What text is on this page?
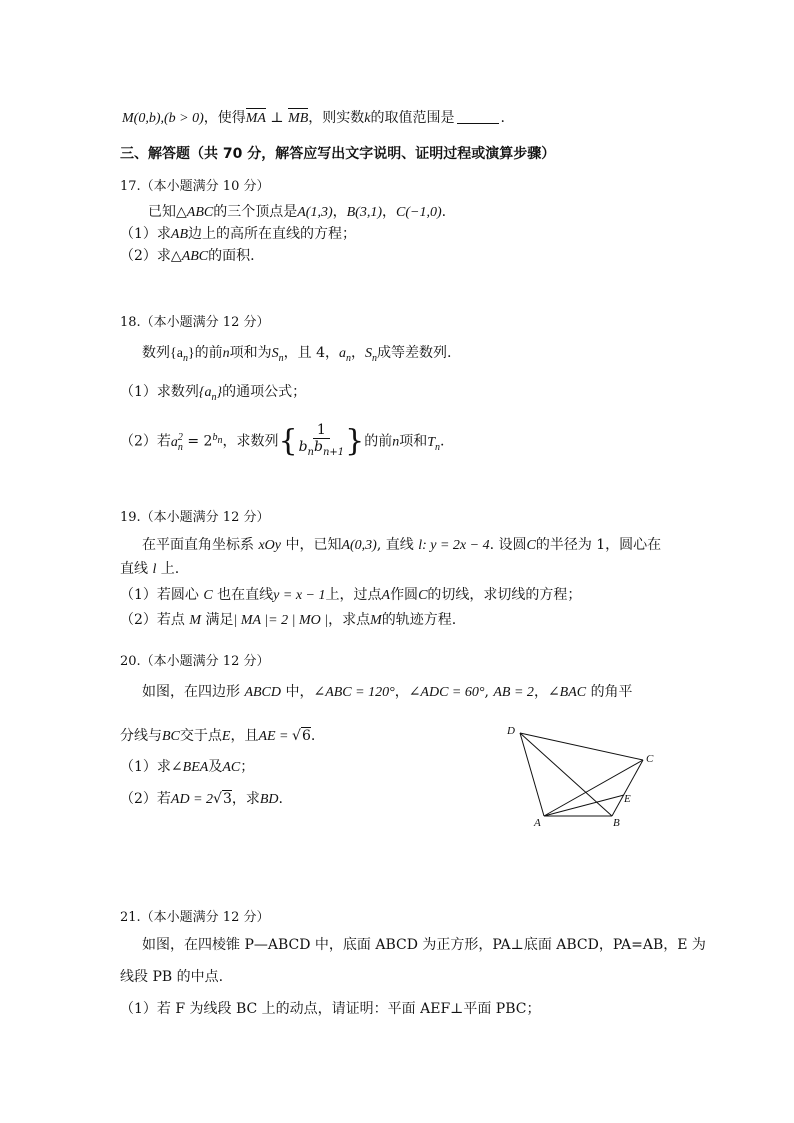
M(0,b),(b > 0)，使得MA ⊥ MB，则实数k的取值范围是	.
三、解答题（共 70 分，解答应写出文字说明、证明过程或演算步骤）
17.（本小题满分 10 分）
已知△ABC的三个顶点是A(1,3)，B(3,1)，C(−1,0).
（1）求AB边上的高所在直线的方程；
（2）求△ABC的面积.
18.（本小题满分 12 分）
数列$\{a_n\}$的前n项和为$S_n$，且 4，$a_n$，$S_n$成等差数列.
（1）求数列$\{a_n\}$的通项公式；
（2）若$a_n^2 = 2^{b_n}$，求数列{ $\frac{1}{b_nb_{n+1}}$ }的前n项和$T_n$.
19.（本小题满分 12 分）
在平面直角坐标系 xOy 中，已知A(0,3), 直线 l: y = 2x − 4. 设圆C的半径为 1，圆心在
直线 l 上.
（1）若圆心 C 也在直线y = x − 1上，过点A作圆C的切线，求切线的方程；
（2）若点 M 满足| MA |= 2 | MO |，求点M的轨迹方程.
20.（本小题满分 12 分）
如图，在四边形 ABCD 中，∠ABC = 120°，∠ADC = 60°, AB = 2，∠BAC 的角平
分线与BC交于点E，且AE = √6.
（1）求∠BEA及AC；
（2）若AD = 2√3，求BD.
D
C
E
A	B
21.（本小题满分 12 分）
如图，在四棱锥 P—ABCD 中，底面 ABCD 为正方形，PA⊥底面 ABCD，PA=AB，E 为
线段 PB 的中点.
（1）若 F 为线段 BC 上的动点，请证明：平面 AEF⊥平面 PBC；
